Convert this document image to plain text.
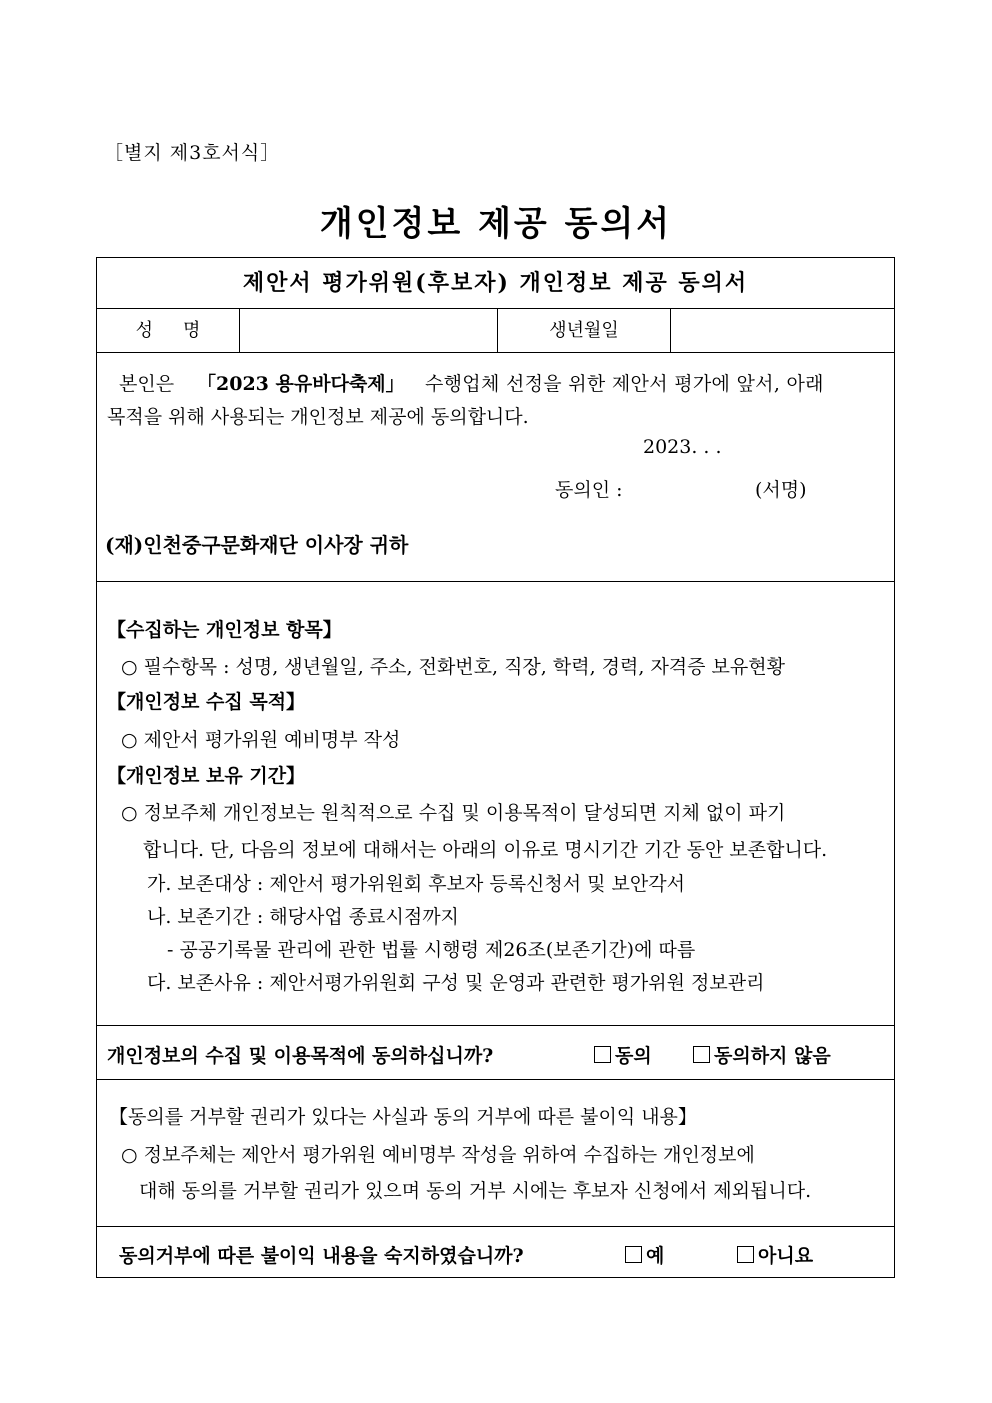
［별지 제3호서식］
개인정보 제공 동의서
제안서 평가위원(후보자) 개인정보 제공 동의서
성명	생년월일
본인은 「2023 용유바다축제」 수행업체 선정을 위한 제안서 평가에 앞서, 아래
목적을 위해 사용되는 개인정보 제공에 동의합니다.
2023. . .
동의인 :	(서명)
(재)인천중구문화재단 이사장 귀하
【수집하는 개인정보 항목】
○ 필수항목 : 성명, 생년월일, 주소, 전화번호, 직장, 학력, 경력, 자격증 보유현황
【개인정보 수집 목적】
○ 제안서 평가위원 예비명부 작성
【개인정보 보유 기간】
○ 정보주체 개인정보는 원칙적으로 수집 및 이용목적이 달성되면 지체 없이 파기
합니다. 단, 다음의 정보에 대해서는 아래의 이유로 명시기간 기간 동안 보존합니다.
가. 보존대상 : 제안서 평가위원회 후보자 등록신청서 및 보안각서
나. 보존기간 : 해당사업 종료시점까지
- 공공기록물 관리에 관한 법률 시행령 제26조(보존기간)에 따름
다. 보존사유 : 제안서평가위원회 구성 및 운영과 관련한 평가위원 정보관리
개인정보의 수집 및 이용목적에 동의하십니까?	동의	동의하지 않음
【동의를 거부할 권리가 있다는 사실과 동의 거부에 따른 불이익 내용】
○ 정보주체는 제안서 평가위원 예비명부 작성을 위하여 수집하는 개인정보에
대해 동의를 거부할 권리가 있으며 동의 거부 시에는 후보자 신청에서 제외됩니다.
동의거부에 따른 불이익 내용을 숙지하였습니까?	예	아니요
